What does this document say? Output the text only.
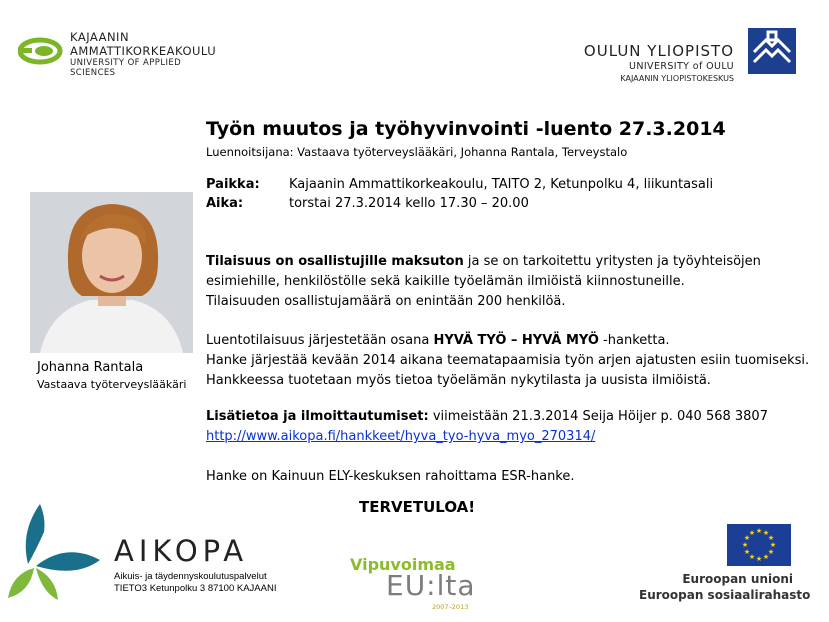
KAJAANIN
AMMATTIKORKEAKOULU
UNIVERSITY OF APPLIED SCIENCES
OULUN YLIOPISTO
UNIVERSITY of OULU
KAJAANIN YLIOPISTOKESKUS
Työn muutos ja työhyvinvointi -luento 27.3.2014
Luennoitsijana: Vastaava työterveyslääkäri, Johanna Rantala, Terveystalo
Paikka: Kajaanin Ammattikorkeakoulu, TAITO 2, Ketunpolku 4, liikuntasali
Aika:	torstai 27.3.2014 kello 17.30 – 20.00
Johanna Rantala
Vastaava työterveyslääkäri
Tilaisuus on osallistujille maksuton ja se on tarkoitettu yritysten ja työyhteisöjen
esimiehille, henkilöstölle sekä kaikille työelämän ilmiöistä kiinnostuneille.
Tilaisuuden osallistujamäärä on enintään 200 henkilöä.
Luentotilaisuus järjestetään osana HYVÄ TYÖ – HYVÄ MYÖ -hanketta.
Hanke järjestää kevään 2014 aikana teematapaamisia työn arjen ajatusten esiin tuomiseksi.
Hankkeessa tuotetaan myös tietoa työelämän nykytilasta ja uusista ilmiöistä.
Lisätietoa ja ilmoittautumiset: viimeistään 21.3.2014 Seija Höijer p. 040 568 3807
http://www.aikopa.fi/hankkeet/hyva_tyo-hyva_myo_270314/
Hanke on Kainuun ELY-keskuksen rahoittama ESR-hanke.
TERVETULOA!
AIKOPA
Aikuis- ja täydennyskoulutuspalvelut
TIETO3 Ketunpolku 3 87100 KAJAANI
Vipuvoimaa
EU:lta
2007–2013
★ ★
★
★
★
★
★
★
★
★
★
★
Euroopan unioni
Euroopan sosiaalirahasto
